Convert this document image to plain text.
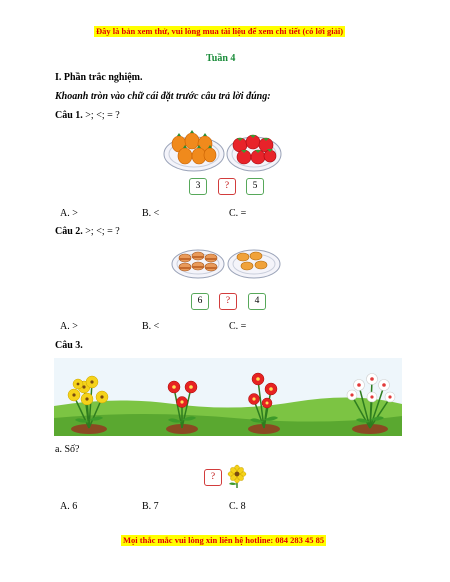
Đây là bản xem thử, vui lòng mua tài liệu để xem chi tiết (có lời giải)
Tuần 4
I. Phần trắc nghiệm.
Khoanh tròn vào chữ cái đặt trước câu trả lời đúng:
Câu 1. >; <; = ?
3	?	5
A. >	B. <	C. =
Câu 2. >; <; = ?
6	?	4
A. >	B. <	C. =
Câu 3.
a. Số?
?
A. 6	B. 7	C. 8
Mọi thắc mắc vui lòng xin liên hệ hotline: 084 283 45 85
